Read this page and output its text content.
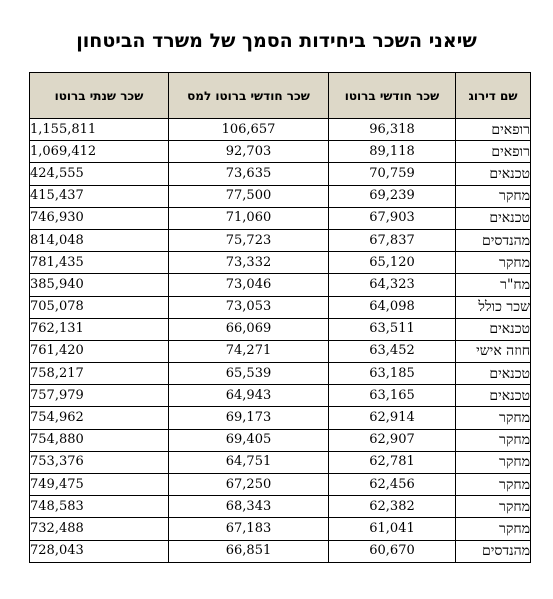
שיאני השכר ביחידות הסמך של משרד הביטחון
שם דירוג	שכר חודשי ברוטו	שכר חודשי ברוטו למס	שכר שנתי ברוטו
רופאים	96,318	106,657	1,155,811
רופאים	89,118	92,703	1,069,412
טכנאים	70,759	73,635	424,555
מחקר	69,239	77,500	415,437
טכנאים	67,903	71,060	746,930
מהנדסים	67,837	75,723	814,048
מחקר	65,120	73,332	781,435
מח"ר	64,323	73,046	385,940
שכר כולל	64,098	73,053	705,078
טכנאים	63,511	66,069	762,131
חוזה אישי	63,452	74,271	761,420
טכנאים	63,185	65,539	758,217
טכנאים	63,165	64,943	757,979
מחקר	62,914	69,173	754,962
מחקר	62,907	69,405	754,880
מחקר	62,781	64,751	753,376
מחקר	62,456	67,250	749,475
מחקר	62,382	68,343	748,583
מחקר	61,041	67,183	732,488
מהנדסים	60,670	66,851	728,043
